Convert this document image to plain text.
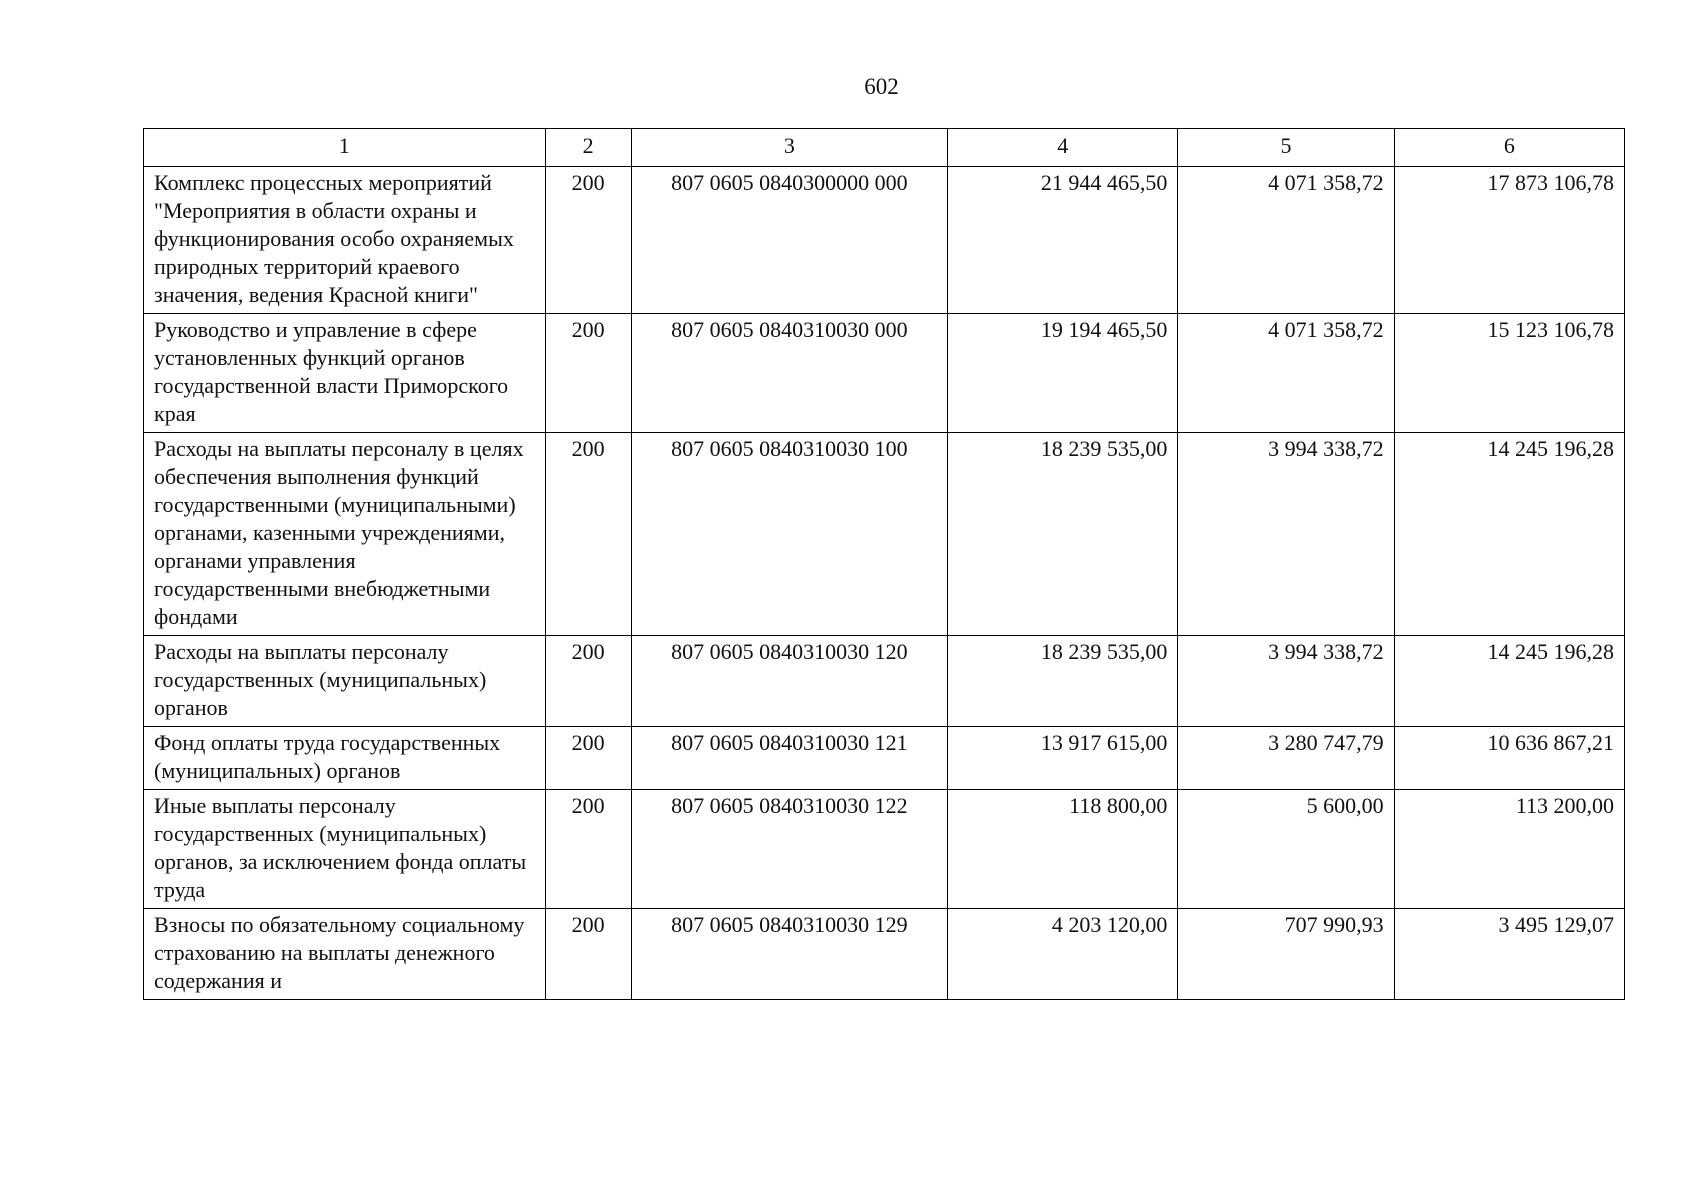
602
1	2	3	4	5	6
Комплекс процессных мероприятий "Мероприятия в области охраны и функционирования особо охраняемых природных территорий краевого значения, ведения Красной книги"	200	807 0605 0840300000 000	21 944 465,50	4 071 358,72	17 873 106,78
Руководство и управление в сфере установленных функций органов государственной власти Приморского края	200	807 0605 0840310030 000	19 194 465,50	4 071 358,72	15 123 106,78
Расходы на выплаты персоналу в целях обеспечения выполнения функций государственными (муниципальными) органами, казенными учреждениями, органами управления государственными внебюджетными фондами	200	807 0605 0840310030 100	18 239 535,00	3 994 338,72	14 245 196,28
Расходы на выплаты персоналу государственных (муниципальных) органов	200	807 0605 0840310030 120	18 239 535,00	3 994 338,72	14 245 196,28
Фонд оплаты труда государственных (муниципальных) органов	200	807 0605 0840310030 121	13 917 615,00	3 280 747,79	10 636 867,21
Иные выплаты персоналу государственных (муниципальных) органов, за исключением фонда оплаты труда	200	807 0605 0840310030 122	118 800,00	5 600,00	113 200,00
Взносы по обязательному социальному страхованию на выплаты денежного содержания и	200	807 0605 0840310030 129	4 203 120,00	707 990,93	3 495 129,07
